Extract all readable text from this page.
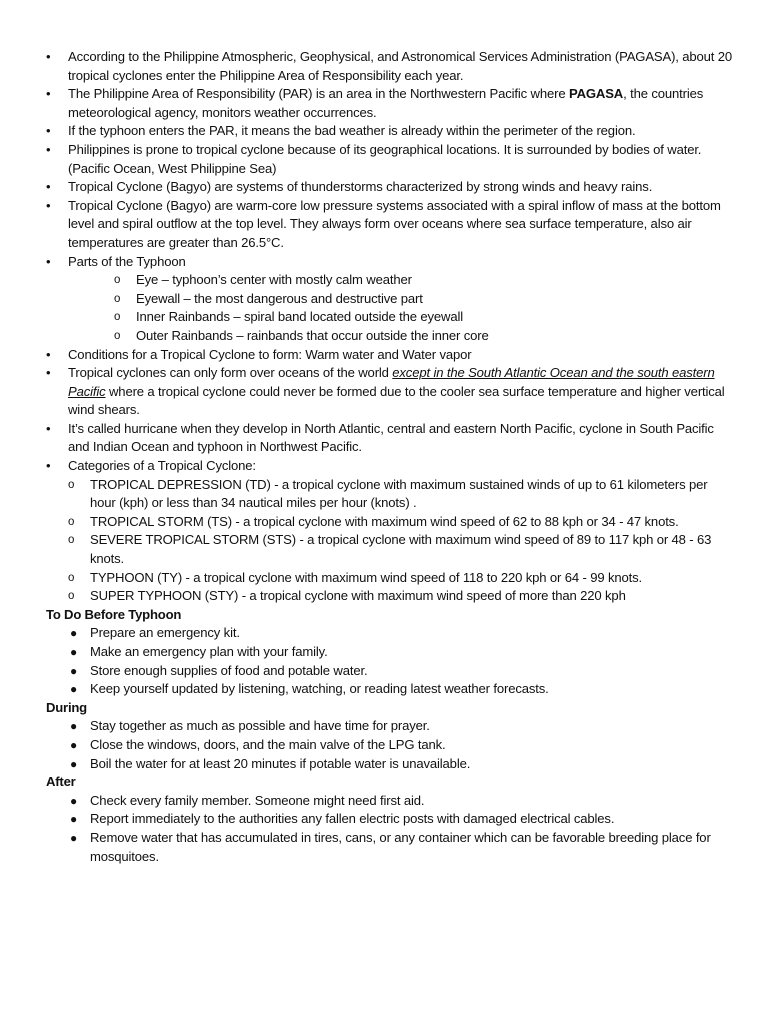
•	According to the Philippine Atmospheric, Geophysical, and Astronomical Services Administration (PAGASA), about 20 tropical cyclones enter the Philippine Area of Responsibility each year.

•	The Philippine Area of Responsibility (PAR) is an area in the Northwestern Pacific where PAGASA, the countries meteorological agency, monitors weather occurrences.

•	If the typhoon enters the PAR, it means the bad weather is already within the perimeter of the region.

•	Philippines is prone to tropical cyclone because of its geographical locations. It is surrounded by bodies of water. (Pacific Ocean, West Philippine Sea)

•	Tropical Cyclone (Bagyo) are systems of thunderstorms characterized by strong winds and heavy rains.

•	Tropical Cyclone (Bagyo) are warm-core low pressure systems associated with a spiral inflow of mass at the bottom level and spiral outflow at the top level. They always form over oceans where sea surface temperature, also air temperatures are greater than 26.5°C.

•	Parts of the Typhoon

o Eye – typhoon’s center with mostly calm weather

o Eyewall – the most dangerous and destructive part

o Inner Rainbands – spiral band located outside the eyewall

o Outer Rainbands – rainbands that occur outside the inner core

•	Conditions for a Tropical Cyclone to form: Warm water and Water vapor

•	Tropical cyclones can only form over oceans of the world except in the South Atlantic Ocean and the south eastern Pacific where a tropical cyclone could never be formed due to the cooler sea surface temperature and higher vertical wind shears.

•	It’s called hurricane when they develop in North Atlantic, central and eastern North Pacific, cyclone in South Pacific and Indian Ocean and typhoon in Northwest Pacific.

•	Categories of a Tropical Cyclone:

o TROPICAL DEPRESSION (TD) - a tropical cyclone with maximum sustained winds of up to 61 kilometers per hour (kph) or less than 34 nautical miles per hour (knots) .

o TROPICAL STORM (TS) - a tropical cyclone with maximum wind speed of 62 to 88 kph or 34 - 47 knots.

o SEVERE TROPICAL STORM (STS) - a tropical cyclone with maximum wind speed of 89 to 117 kph or 48 - 63 knots.

o TYPHOON (TY) - a tropical cyclone with maximum wind speed of 118 to 220 kph or 64 - 99 knots.

o SUPER TYPHOON (STY) - a tropical cyclone with maximum wind speed of more than 220 kph

To Do Before Typhoon

● Prepare an emergency kit.

● Make an emergency plan with your family.

● Store enough supplies of food and potable water.

● Keep yourself updated by listening, watching, or reading latest weather forecasts.

During

● Stay together as much as possible and have time for prayer.

● Close the windows, doors, and the main valve of the LPG tank.

● Boil the water for at least 20 minutes if potable water is unavailable.

After

● Check every family member. Someone might need first aid.

● Report immediately to the authorities any fallen electric posts with damaged electrical cables.

● Remove water that has accumulated in tires, cans, or any container which can be favorable breeding place for mosquitoes.
